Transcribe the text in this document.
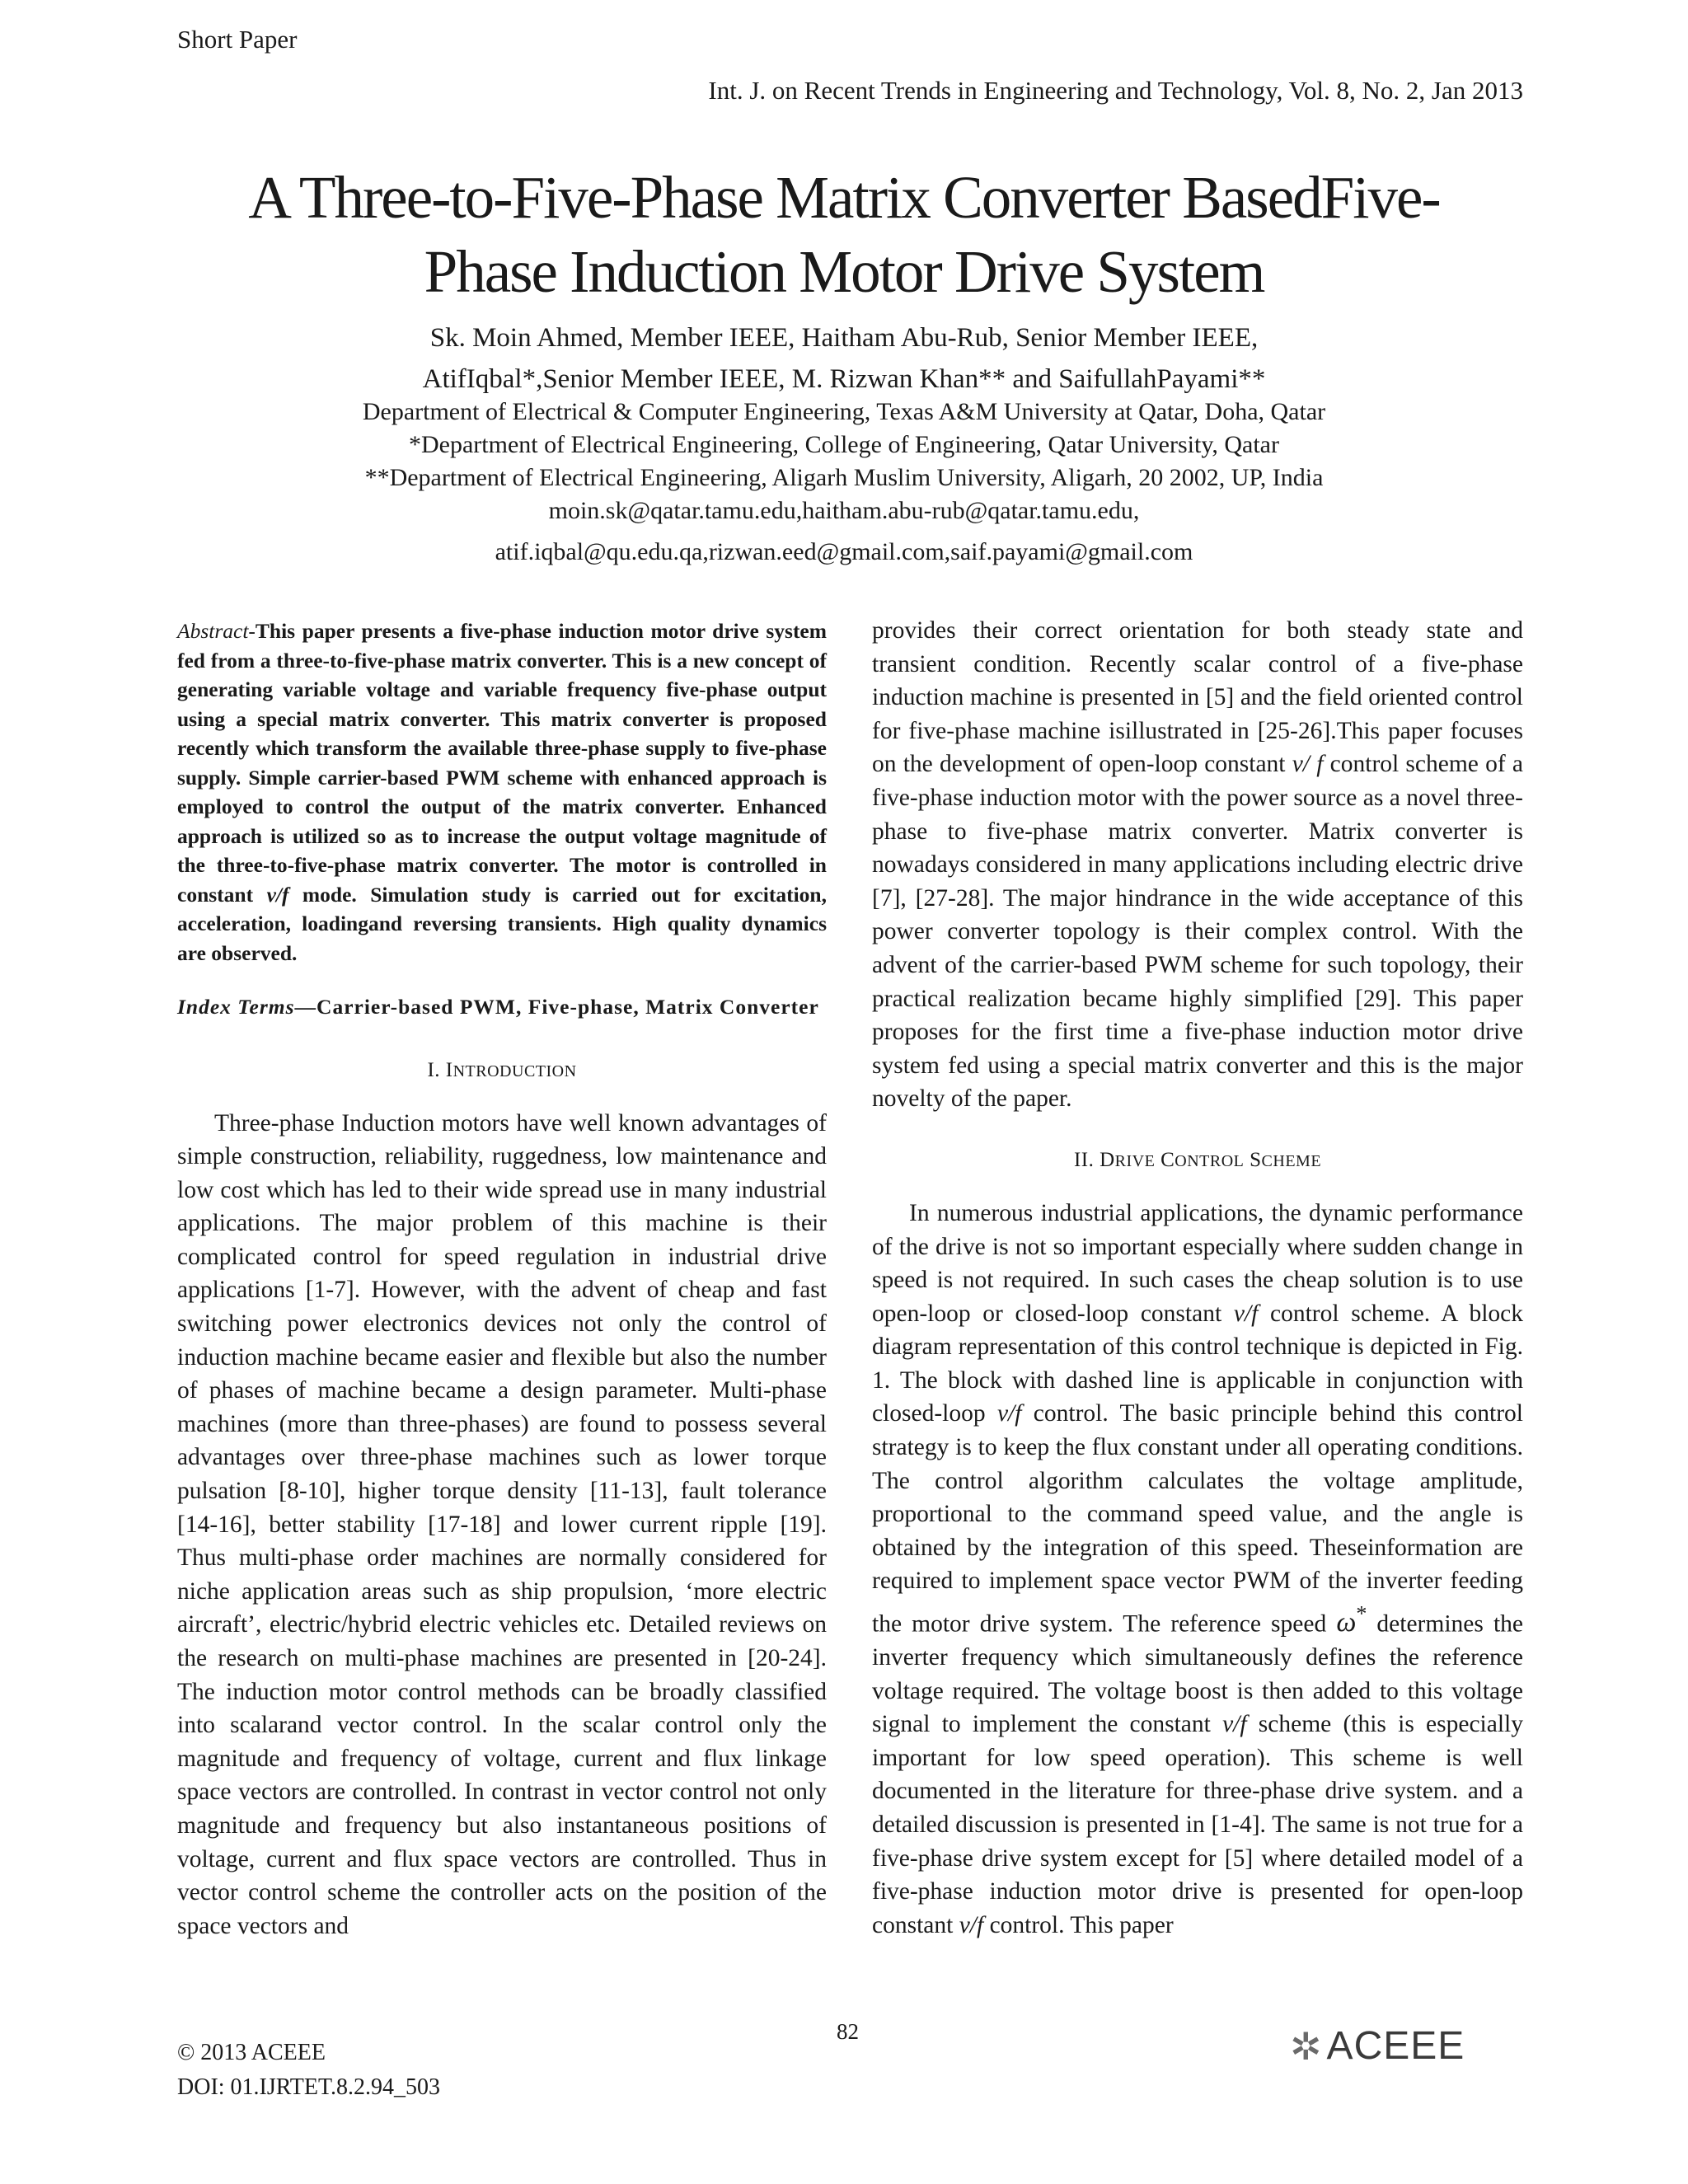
Short Paper
Int. J. on Recent Trends in Engineering and Technology, Vol. 8, No. 2, Jan 2013
A Three-to-Five-Phase Matrix Converter BasedFive-
Phase Induction Motor Drive System
Sk. Moin Ahmed, Member IEEE, Haitham Abu-Rub, Senior Member IEEE,
AtifIqbal*,Senior Member IEEE, M. Rizwan Khan** and SaifullahPayami**
Department of Electrical & Computer Engineering, Texas A&M University at Qatar, Doha, Qatar
*Department of Electrical Engineering, College of Engineering, Qatar University, Qatar
**Department of Electrical Engineering, Aligarh Muslim University, Aligarh, 20 2002, UP, India
moin.sk@qatar.tamu.edu,haitham.abu-rub@qatar.tamu.edu,
atif.iqbal@qu.edu.qa,rizwan.eed@gmail.com,saif.payami@gmail.com

Abstract-This paper presents a five-phase induction motor drive system fed from a three-to-five-phase matrix converter. This is a new concept of generating variable voltage and variable frequency five-phase output using a special matrix converter. This matrix converter is proposed recently which transform the available three-phase supply to five-phase supply. Simple carrier-based PWM scheme with enhanced approach is employed to control the output of the matrix converter. Enhanced approach is utilized so as to increase the output voltage magnitude of the three-to-five-phase matrix converter. The motor is controlled in constant v/f mode. Simulation study is carried out for excitation, acceleration, loadingand reversing transients. High quality dynamics are observed.

Index Terms—Carrier-based PWM, Five-phase, Matrix Converter

I. INTRODUCTION

Three-phase Induction motors have well known advantages of simple construction, reliability, ruggedness, low maintenance and low cost which has led to their wide spread use in many industrial applications. The major problem of this machine is their complicated control for speed regulation in industrial drive applications [1-7]. However, with the advent of cheap and fast switching power electronics devices not only the control of induction machine became easier and flexible but also the number of phases of machine became a design parameter. Multi-phase machines (more than three-phases) are found to possess several advantages over three-phase machines such as lower torque pulsation [8-10], higher torque density [11-13], fault tolerance [14-16], better stability [17-18] and lower current ripple [19]. Thus multi-phase order machines are normally considered for niche application areas such as ship propulsion, ‘more electric aircraft’, electric/hybrid electric vehicles etc. Detailed reviews on the research on multi-phase machines are presented in [20-24]. The induction motor control methods can be broadly classified into scalarand vector control. In the scalar control only the magnitude and frequency of voltage, current and flux linkage space vectors are controlled. In contrast in vector control not only magnitude and frequency but also instantaneous positions of voltage, current and flux space vectors are controlled. Thus in vector control scheme the controller acts on the position of the space vectors and

provides their correct orientation for both steady state and transient condition. Recently scalar control of a five-phase induction machine is presented in [5] and the field oriented control for five-phase machine isillustrated in [25-26].This paper focuses on the development of open-loop constant v/ f control scheme of a five-phase induction motor with the power source as a novel three-phase to five-phase matrix converter. Matrix converter is nowadays considered in many applications including electric drive [7], [27-28]. The major hindrance in the wide acceptance of this power converter topology is their complex control. With the advent of the carrier-based PWM scheme for such topology, their practical realization became highly simplified [29]. This paper proposes for the first time a five-phase induction motor drive system fed using a special matrix converter and this is the major novelty of the paper.

II. DRIVE CONTROL SCHEME

In numerous industrial applications, the dynamic performance of the drive is not so important especially where sudden change in speed is not required. In such cases the cheap solution is to use open-loop or closed-loop constant v/f control scheme. A block diagram representation of this control technique is depicted in Fig. 1. The block with dashed line is applicable in conjunction with closed-loop v/f control. The basic principle behind this control strategy is to keep the flux constant under all operating conditions. The control algorithm calculates the voltage amplitude, proportional to the command speed value, and the angle is obtained by the integration of this speed. Theseinformation are required to implement space vector PWM of the inverter feeding the motor drive system. The reference speed ω* determines the inverter frequency which simultaneously defines the reference voltage required. The voltage boost is then added to this voltage signal to implement the constant v/f scheme (this is especially important for low speed operation). This scheme is well documented in the literature for three-phase drive system. and a detailed discussion is presented in [1-4]. The same is not true for a five-phase drive system except for [5] where detailed model of a five-phase induction motor drive is presented for open-loop constant v/f control. This paper

82
© 2013 ACEEE
DOI: 01.IJRTET.8.2.94_503
✲ ACEEE
